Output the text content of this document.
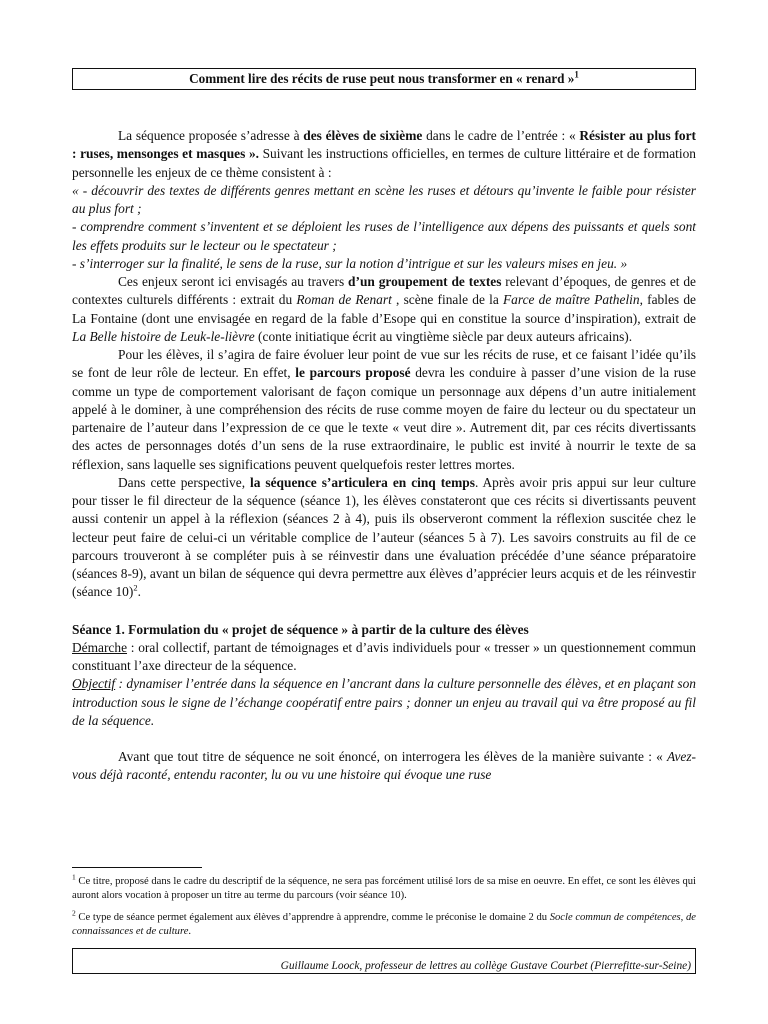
Comment lire des récits de ruse peut nous transformer en « renard »$^1$

La séquence proposée s’adresse à des élèves de sixième dans le cadre de l’entrée : « Résister au plus fort : ruses, mensonges et masques ». Suivant les instructions officielles, en termes de culture littéraire et de formation personnelle les enjeux de ce thème consistent à :

« - découvrir des textes de différents genres mettant en scène les ruses et détours qu’invente le faible pour résister au plus fort ;

- comprendre comment s’inventent et se déploient les ruses de l’intelligence aux dépens des puissants et quels sont les effets produits sur le lecteur ou le spectateur ;

- s’interroger sur la finalité, le sens de la ruse, sur la notion d’intrigue et sur les valeurs mises en jeu. »

Ces enjeux seront ici envisagés au travers d’un groupement de textes relevant d’époques, de genres et de contextes culturels différents : extrait du Roman de Renart , scène finale de la Farce de maître Pathelin, fables de La Fontaine (dont une envisagée en regard de la fable d’Esope qui en constitue la source d’inspiration), extrait de La Belle histoire de Leuk-le-lièvre (conte initiatique écrit au vingtième siècle par deux auteurs africains).

Pour les élèves, il s’agira de faire évoluer leur point de vue sur les récits de ruse, et ce faisant l’idée qu’ils se font de leur rôle de lecteur. En effet, le parcours proposé devra les conduire à passer d’une vision de la ruse comme un type de comportement valorisant de façon comique un personnage aux dépens d’un autre initialement appelé à le dominer, à une compréhension des récits de ruse comme moyen de faire du lecteur ou du spectateur un partenaire de l’auteur dans l’expression de ce que le texte « veut dire ». Autrement dit, par ces récits divertissants des actes de personnages dotés d’un sens de la ruse extraordinaire, le public est invité à nourrir le texte de sa réflexion, sans laquelle ses significations peuvent quelquefois rester lettres mortes.

Dans cette perspective, la séquence s’articulera en cinq temps. Après avoir pris appui sur leur culture pour tisser le fil directeur de la séquence (séance 1), les élèves constateront que ces récits si divertissants peuvent aussi contenir un appel à la réflexion (séances 2 à 4), puis ils observeront comment la réflexion suscitée chez le lecteur peut faire de celui-ci un véritable complice de l’auteur (séances 5 à 7). Les savoirs construits au fil de ce parcours trouveront à se compléter puis à se réinvestir dans une évaluation précédée d’une séance préparatoire (séances 8-9), avant un bilan de séquence qui devra permettre aux élèves d’apprécier leurs acquis et de les réinvestir (séance 10)$^2$.

Séance 1. Formulation du « projet de séquence » à partir de la culture des élèves

Démarche : oral collectif, partant de témoignages et d’avis individuels pour « tresser » un questionnement commun constituant l’axe directeur de la séquence.

Objectif : dynamiser l’entrée dans la séquence en l’ancrant dans la culture personnelle des élèves, et en plaçant son introduction sous le signe de l’échange coopératif entre pairs ; donner un enjeu au travail qui va être proposé au fil de la séquence.

Avant que tout titre de séquence ne soit énoncé, on interrogera les élèves de la manière suivante : « Avez-vous déjà raconté, entendu raconter, lu ou vu une histoire qui évoque une ruse

$^1$ Ce titre, proposé dans le cadre du descriptif de la séquence, ne sera pas forcément utilisé lors de sa mise en oeuvre. En effet, ce sont les élèves qui auront alors vocation à proposer un titre au terme du parcours (voir séance 10).

$^2$ Ce type de séance permet également aux élèves d’apprendre à apprendre, comme le préconise le domaine 2 du Socle commun de compétences, de connaissances et de culture.

Guillaume Loock, professeur de lettres au collège Gustave Courbet (Pierrefitte-sur-Seine)
